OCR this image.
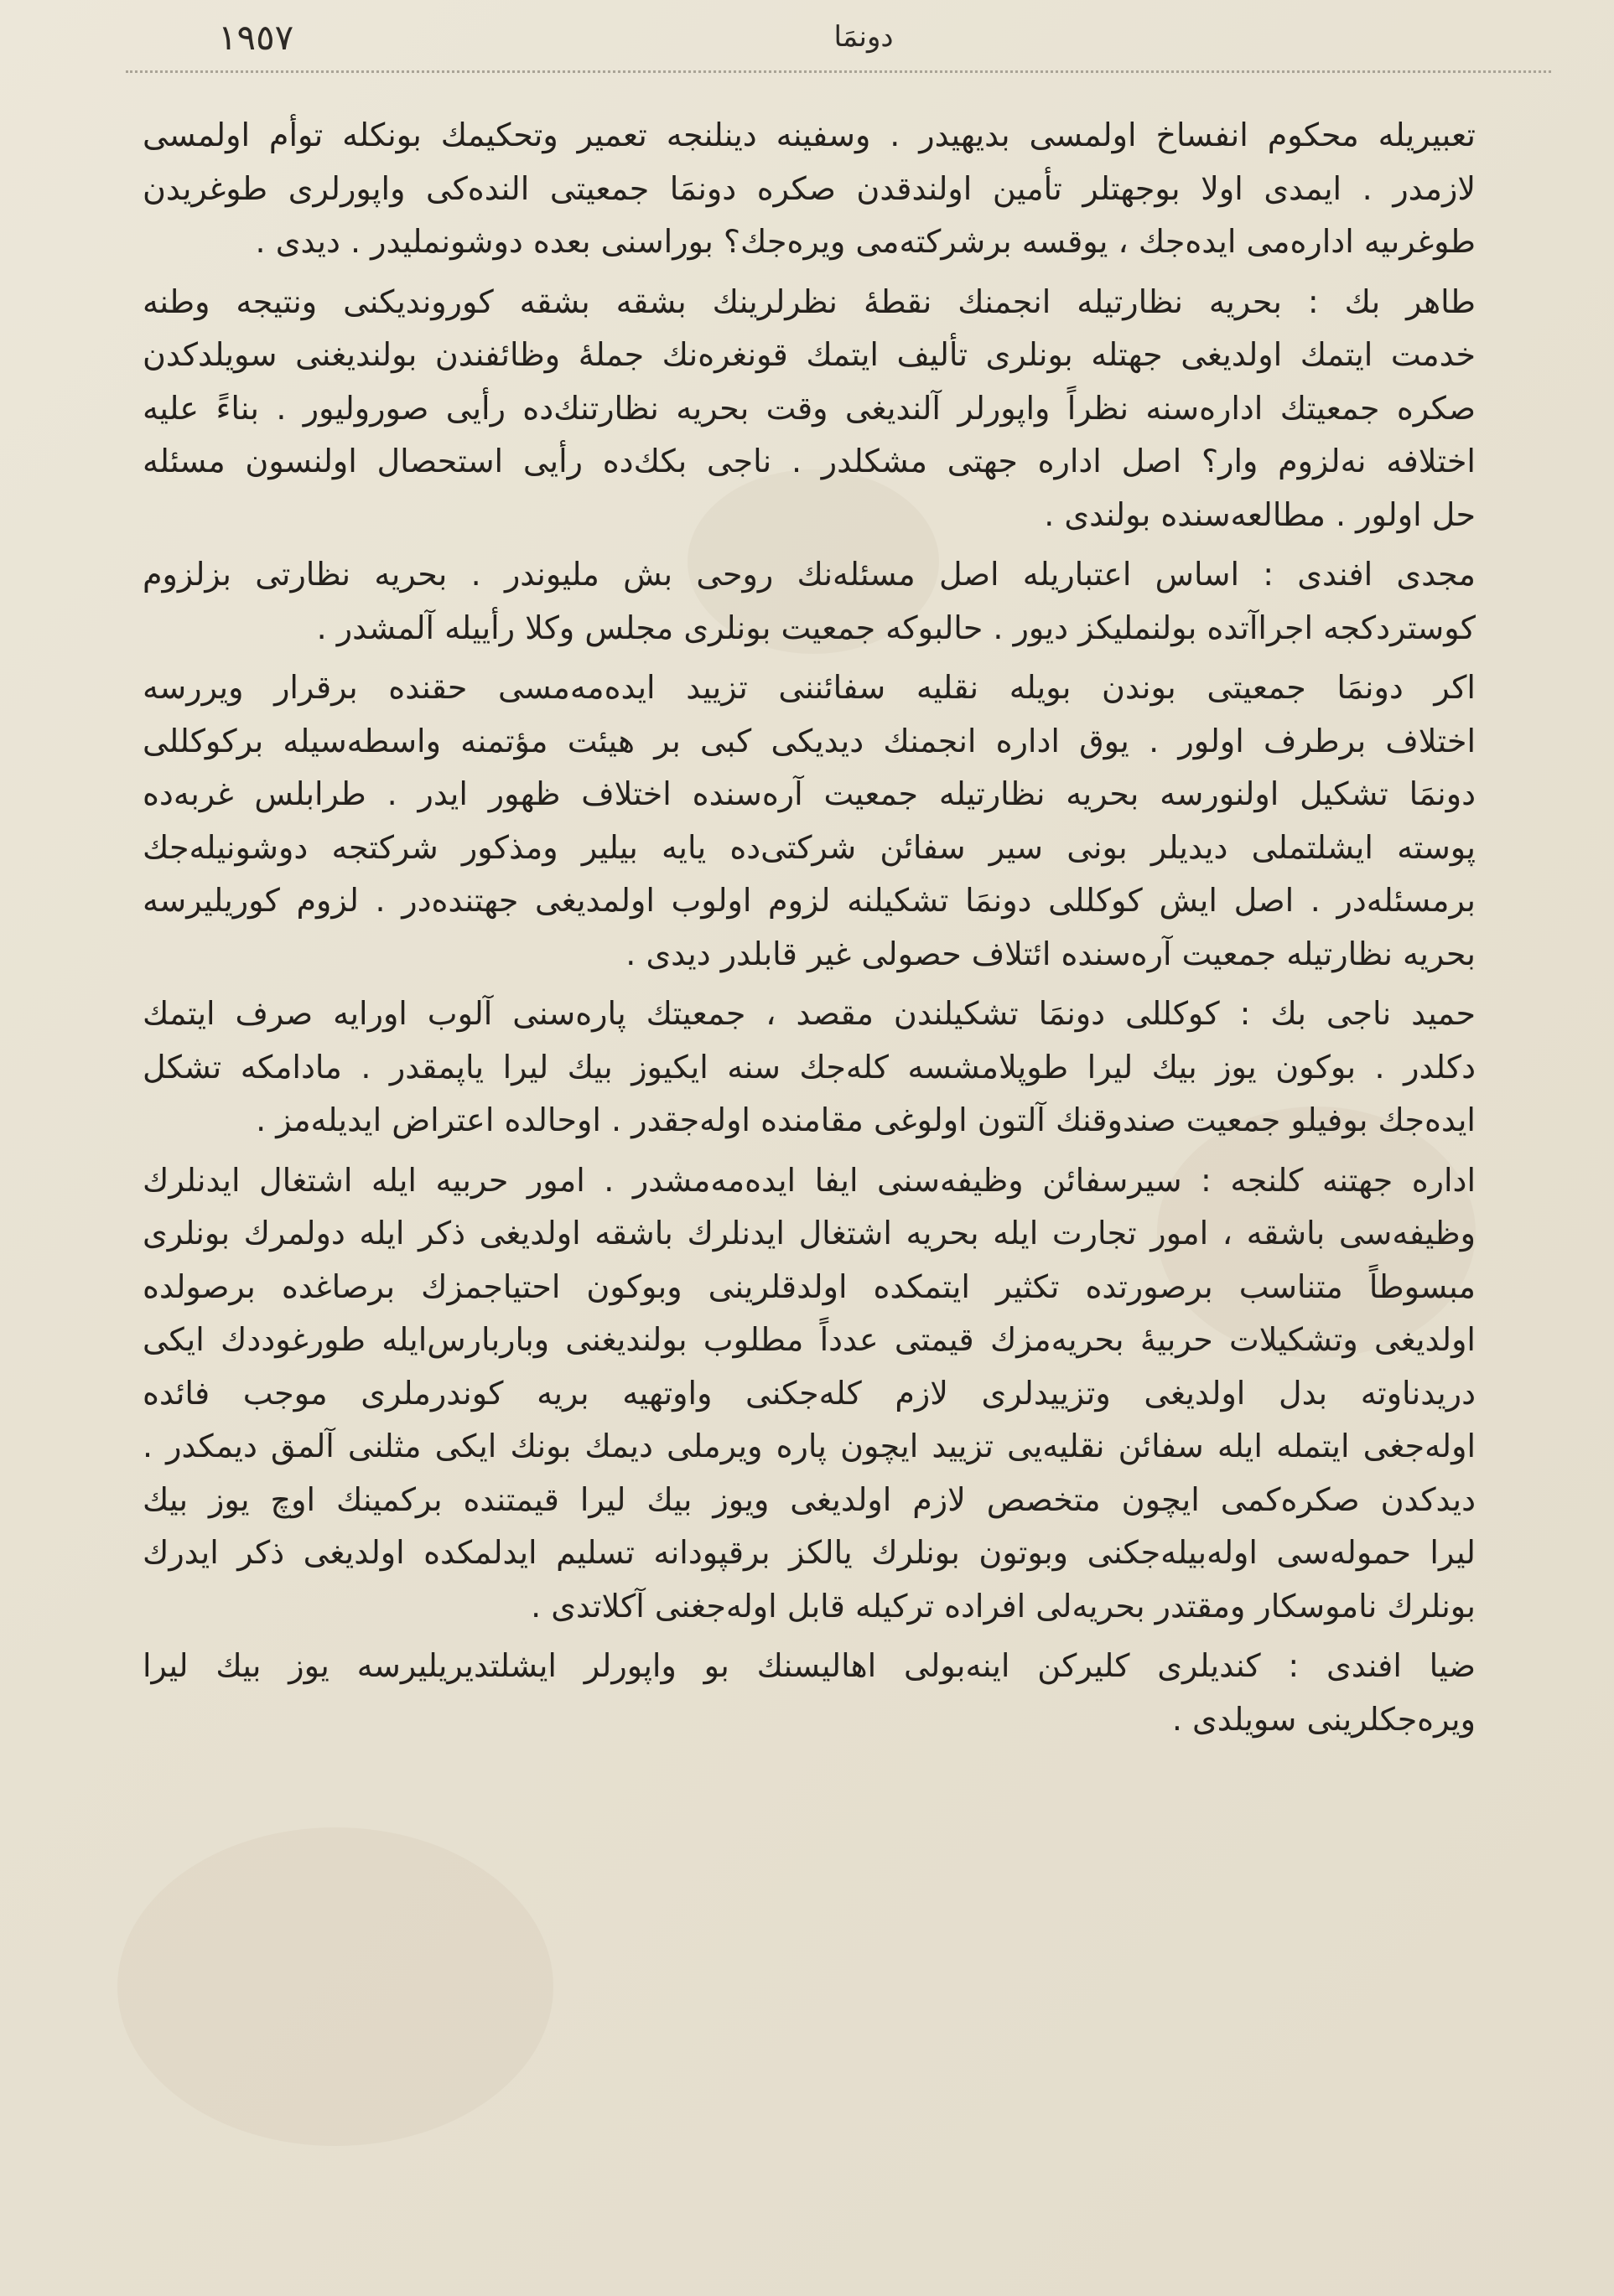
١٩٥٧	دونمَا
تعبيريله محكوم انفساخ اولمسى بديهيدر . وسفينه دينلنجه تعمير وتحكيمك بونكله توأم اولمسى
لازمدر . ايمدى اولا بوجهتلر تأمين اولندقدن صكره دونمَا جمعيتى النده‌كى واپورلرى طوغريدن
طوغرىيه اداره‌مى ايده‌جك ، يوقسه برشركته‌مى ويره‌جك؟ بوراسنى بعده دوشونمليدر . ديدى .
طاهر بك : بحريه نظارتيله انجمنك نقطهٔ نظرلرينك بشقه بشقه كورونديكنى ونتيجه وطنه
خدمت ايتمك اولديغى جهتله بونلرى تأليف ايتمك قونغره‌نك جمله‌ٔ وظائفندن بولنديغنى سويلدكدن
صكره جمعيتك اداره‌سنه نظراً واپورلر آلنديغى وقت بحريه نظارتنك‌ده رأيى صوروليور . بناءً عليه
اختلافه نه‌لزوم وار؟ اصل اداره جهتى مشكلدر . ناجى بكك‌ده رأيى استحصال اولنسون مسئله
حل اولور . مطالعه‌سنده بولندى .
مجدى افندى : اساس اعتباريله اصل مسئله‌نك روحى بش مليوندر . بحريه نظارتى بزلزوم
كوستردكجه اجراآتده بولنمليكز ديور . حالبوكه جمعيت بونلرى مجلس وكلا رأييله آلمشدر .
اكر دونمَا جمعيتى بوندن بويله نقليه سفائننى تزييد ايده‌مه‌مسى حقنده برقرار ويررسه
اختلاف برطرف اولور . يوق اداره انجمنك ديديكى كبى بر هيئت مؤتمنه واسطه‌سيله بركوكللى
دونمَا تشكيل اولنورسه بحريه نظارتيله جمعيت آره‌سنده اختلاف ظهور ايدر . طرابلس غربه‌ده
پوسته ايشلتملى ديديلر بونى سير سفائن شركتى‌ده يايه بيلير ومذكور شركتجه دوشونيله‌جك
برمسئله‌در . اصل ايش كوكللى دونمَا تشكيلنه لزوم اولوب اولمديغى جهتنده‌در . لزوم كوريليرسه
بحريه نظارتيله جمعيت آره‌سنده ائتلاف حصولى غير قابلدر ديدى .
حميد ناجى بك : كوكللى دونمَا تشكيلندن مقصد ، جمعيتك پاره‌سنى آلوب اورايه صرف ايتمك
دكلدر . بوكون يوز بيك ليرا طوپلامشسه كله‌جك سنه ايكيوز بيك ليرا ياپمقدر . مادامكه تشكل
ايده‌جك بوفيلو جمعيت صندوقنك آلتون اولوغى مقامنده اوله‌جقدر . اوحالده اعتراض ايديله‌مز .
اداره جهتنه كلنجه : سيرسفائن وظيفه‌سنى ايفا ايده‌مه‌مشدر . امور حربيه ايله اشتغال ايدنلرك
وظيفه‌سى باشقه ، امور تجارت ايله بحريه اشتغال ايدنلرك باشقه اولديغى ذكر ايله دولمرك بونلرى
مبسوطاً متناسب برصورتده تكثير ايتمكده اولدقلرينى وبوكون احتياجمزك برصاغده برصولده
اولديغى وتشكيلات حربيهٔ بحريه‌مزك قيمتى عدداً مطلوب بولنديغنى وباربارس‌ايله طورغوددك ايكى
دريدناوته بدل اولديغى وتزييدلرى لازم كله‌جكنى واوتهيه بريه كوندرملرى موجب فائده
اوله‌جغى ايتمله ايله سفائن نقليه‌يى تزييد ايچون پاره ويرملى ديمك بونك ايكى مثلنى آلمق ديمكدر .
ديدكدن صكره‌كمى ايچون متخصص لازم اولديغى ويوز بيك ليرا قيمتنده بركمينك اوچ يوز بيك
ليرا حموله‌سى اوله‌بيله‌جكنى وبوتون بونلرك يالكز برقپودانه تسليم ايدلمكده اولديغى ذكر ايدرك
بونلرك ناموسكار ومقتدر بحريه‌لى افراده تركيله قابل اوله‌جغنى آكلاتدى .
ضيا افندى : كنديلرى كليركن اينه‌بولى اهاليسنك بو واپورلر ايشلتديريليرسه يوز بيك ليرا
ويره‌جكلرينى سويلدى .
